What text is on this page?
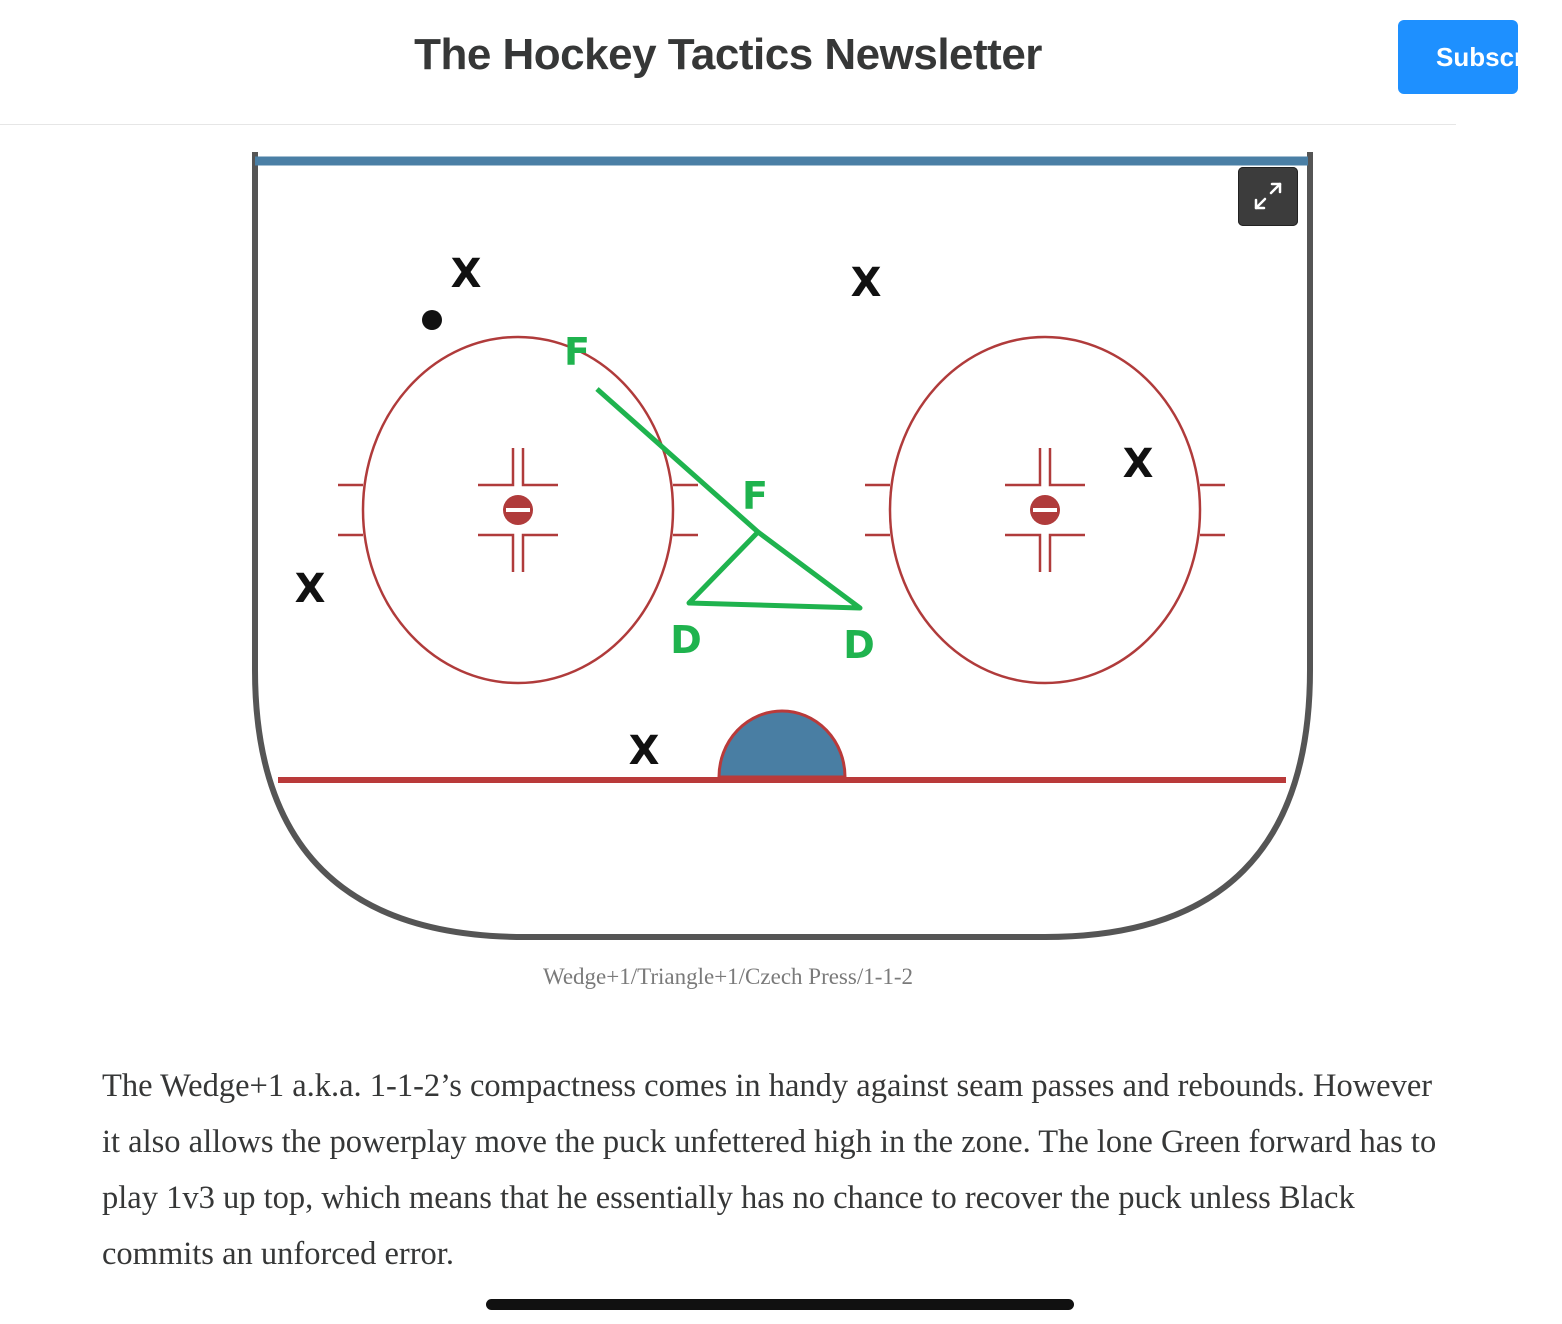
The Hockey Tactics Newsletter	Subscribe
X	X
X
X
X
F
F
D	D
Wedge+1/Triangle+1/Czech Press/1-1-2

The Wedge+1 a.k.a. 1-1-2’s compactness comes in handy against seam passes and rebounds. However it also allows the powerplay move the puck unfettered high in the zone. The lone Green forward has to play 1v3 up top, which means that he essentially has no chance to recover the puck unless Black commits an unforced error.
